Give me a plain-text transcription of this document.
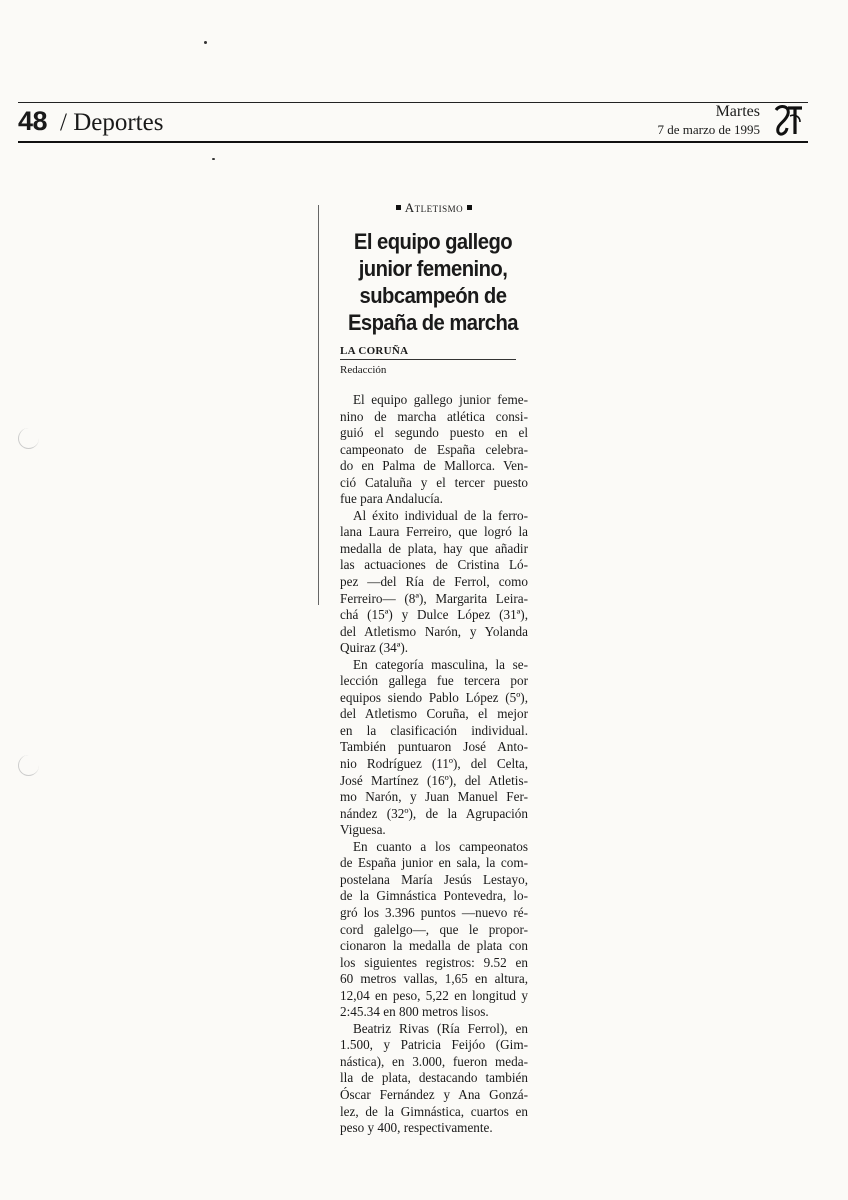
48 / Deportes	Martes
7 de marzo de 1995
Atletismo
El equipo gallego
junior femenino,
subcampeón de
España de marcha
LA CORUÑA
Redacción

El equipo gallego junior feme-
nino de marcha atlética consi-
guió el segundo puesto en el
campeonato de España celebra-
do en Palma de Mallorca. Ven-
ció Cataluña y el tercer puesto
fue para Andalucía.

Al éxito individual de la ferro-
lana Laura Ferreiro, que logró la
medalla de plata, hay que añadir
las actuaciones de Cristina Ló-
pez —del Ría de Ferrol, como
Ferreiro— (8ª), Margarita Leira-
chá (15ª) y Dulce López (31ª),
del Atletismo Narón, y Yolanda
Quiraz (34ª).

En categoría masculina, la se-
lección gallega fue tercera por
equipos siendo Pablo López (5º),
del Atletismo Coruña, el mejor
en la clasificación individual.
También puntuaron José Anto-
nio Rodríguez (11º), del Celta,
José Martínez (16º), del Atletis-
mo Narón, y Juan Manuel Fer-
nández (32º), de la Agrupación
Viguesa.

En cuanto a los campeonatos
de España junior en sala, la com-
postelana María Jesús Lestayo,
de la Gimnástica Pontevedra, lo-
gró los 3.396 puntos —nuevo ré-
cord galelgo—, que le propor-
cionaron la medalla de plata con
los siguientes registros: 9.52 en
60 metros vallas, 1,65 en altura,
12,04 en peso, 5,22 en longitud y
2:45.34 en 800 metros lisos.

Beatriz Rivas (Ría Ferrol), en
1.500, y Patricia Feijóo (Gim-
nástica), en 3.000, fueron meda-
lla de plata, destacando también
Óscar Fernández y Ana Gonzá-
lez, de la Gimnástica, cuartos en
peso y 400, respectivamente.
